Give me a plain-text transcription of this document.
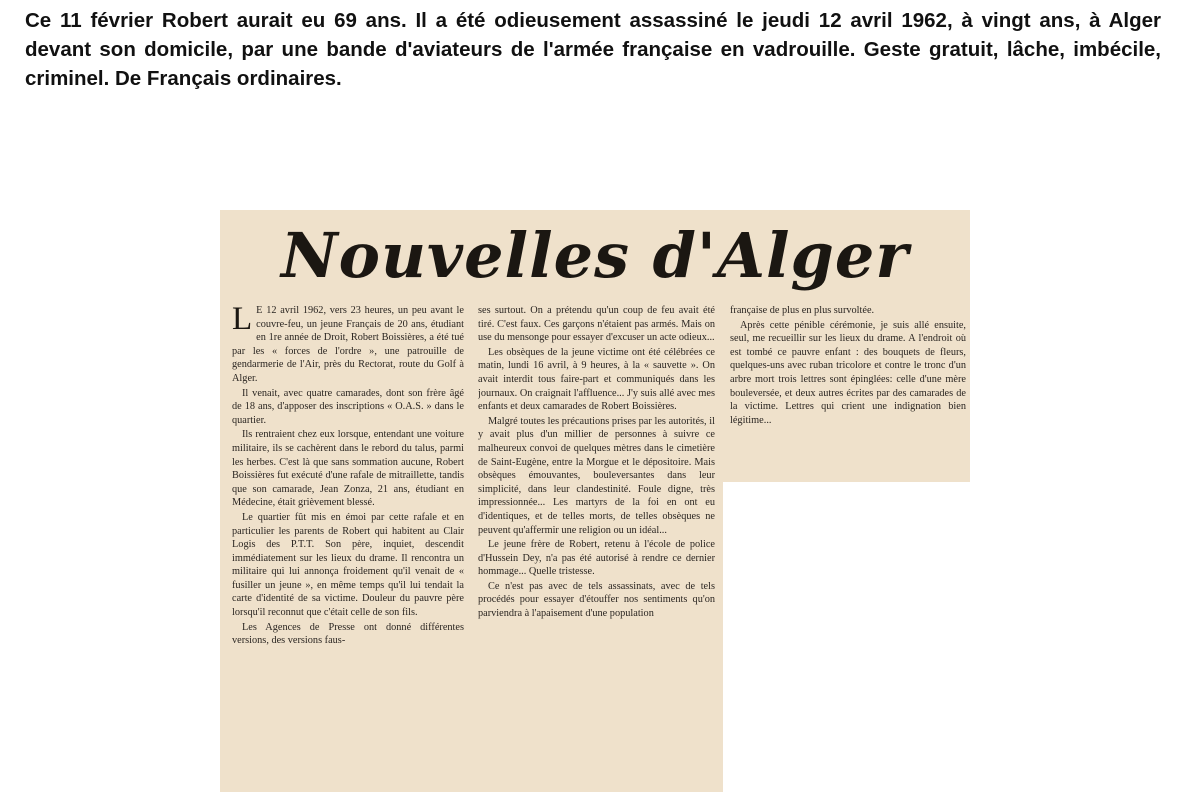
Ce 11 février Robert aurait eu 69 ans. Il a été odieusement assassiné le jeudi 12 avril 1962, à vingt ans, à Alger devant son domicile, par une bande d'aviateurs de l'armée française en vadrouille. Geste gratuit, lâche, imbécile, criminel. De Français ordinaires.
Nouvelles d'Alger

L E 12 avril 1962, vers 23 heures, un peu avant le couvre-feu, un jeune Français de 20 ans, étudiant en 1re année de Droit, Robert Boissières, a été tué par les « forces de l'ordre », une patrouille de gendarmerie de l'Air, près du Rectorat, route du Golf à Alger.

Il venait, avec quatre camarades, dont son frère âgé de 18 ans, d'apposer des inscriptions « O.A.S. » dans le quartier.

Ils rentraient chez eux lorsque, entendant une voiture militaire, ils se cachèrent dans le rebord du talus, parmi les herbes. C'est là que sans sommation aucune, Robert Boissières fut exécuté d'une rafale de mitraillette, tandis que son camarade, Jean Zonza, 21 ans, étudiant en Médecine, était grièvement blessé.

Le quartier fût mis en émoi par cette rafale et en particulier les parents de Robert qui habitent au Clair Logis des P.T.T. Son père, inquiet, descendit immédiatement sur les lieux du drame. Il rencontra un militaire qui lui annonça froidement qu'il venait de « fusiller un jeune », en même temps qu'il lui tendait la carte d'identité de sa victime. Douleur du pauvre père lorsqu'il reconnut que c'était celle de son fils.

Les Agences de Presse ont donné différentes versions, des versions faus-

ses surtout. On a prétendu qu'un coup de feu avait été tiré. C'est faux. Ces garçons n'étaient pas armés. Mais on use du mensonge pour essayer d'excuser un acte odieux...

Les obsèques de la jeune victime ont été célébrées ce matin, lundi 16 avril, à 9 heures, à la « sauvette ». On avait interdit tous faire-part et communiqués dans les journaux. On craignait l'affluence... J'y suis allé avec mes enfants et deux camarades de Robert Boissières.

Malgré toutes les précautions prises par les autorités, il y avait plus d'un millier de personnes à suivre ce malheureux convoi de quelques mètres dans le cimetière de Saint-Eugène, entre la Morgue et le dépositoire. Mais obsèques émouvantes, bouleversantes dans leur simplicité, dans leur clandestinité. Foule digne, très impressionnée... Les martyrs de la foi en ont eu d'identiques, et de telles morts, de telles obsèques ne peuvent qu'affermir une religion ou un idéal...

Le jeune frère de Robert, retenu à l'école de police d'Hussein Dey, n'a pas été autorisé à rendre ce dernier hommage... Quelle tristesse.

Ce n'est pas avec de tels assassinats, avec de tels procédés pour essayer d'étouffer nos sentiments qu'on parviendra à l'apaisement d'une population

française de plus en plus survoltée.

Après cette pénible cérémonie, je suis allé ensuite, seul, me recueillir sur les lieux du drame. A l'endroit où est tombé ce pauvre enfant : des bouquets de fleurs, quelques-uns avec ruban tricolore et contre le tronc d'un arbre mort trois lettres sont épinglées: celle d'une mère bouleversée, et deux autres écrites par des camarades de la victime. Lettres qui crient une indignation bien légitime...
